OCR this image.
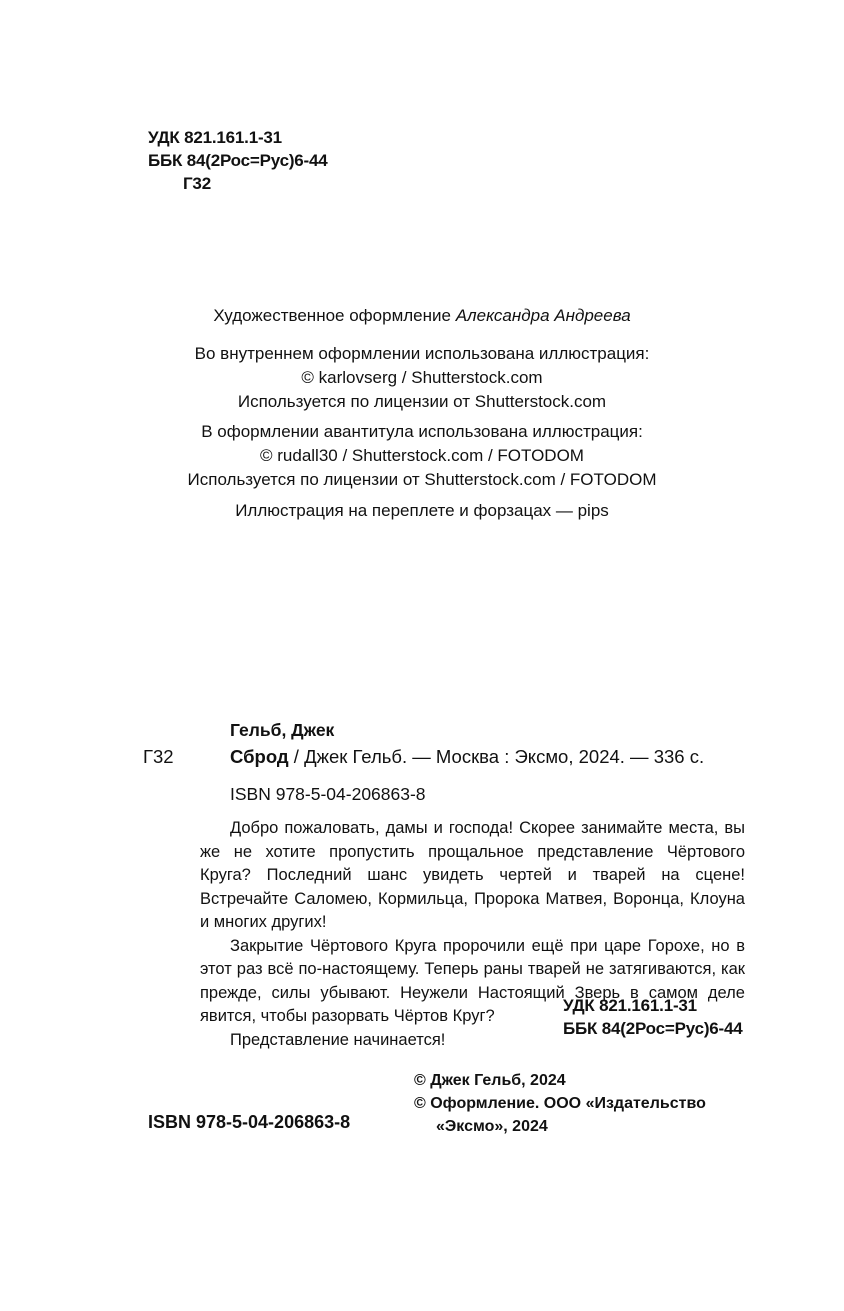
УДК 821.161.1-31
ББК 84(2Рос=Рус)6-44
Г32
Художественное оформление Александра Андреева
Во внутреннем оформлении использована иллюстрация:
© karlovserg / Shutterstock.com
Используется по лицензии от Shutterstock.com
В оформлении авантитула использована иллюстрация:
© rudall30 / Shutterstock.com / FOTODOM
Используется по лицензии от Shutterstock.com / FOTODOM
Иллюстрация на переплете и форзацах — pips
Гельб, Джек
Г32	Сброд / Джек Гельб. — Москва : Эксмо, 2024. — 336 с.
ISBN 978-5-04-206863-8

Добро пожаловать, дамы и господа! Скорее занимайте места, вы же не хотите пропустить прощальное представление Чёртового Круга? Последний шанс увидеть чертей и тварей на сцене! Встречайте Саломею, Кормильца, Пророка Матвея, Воронца, Клоуна и многих других!

Закрытие Чёртового Круга пророчили ещё при царе Горохе, но в этот раз всё по-настоящему. Теперь раны тварей не затягиваются, как прежде, силы убывают. Неужели Настоящий Зверь в самом деле явится, чтобы разорвать Чёртов Круг?

Представление начинается!

УДК 821.161.1-31
ББК 84(2Рос=Рус)6-44
© Джек Гельб, 2024
© Оформление. ООО «Издательство
«Эксмо», 2024
ISBN 978-5-04-206863-8
